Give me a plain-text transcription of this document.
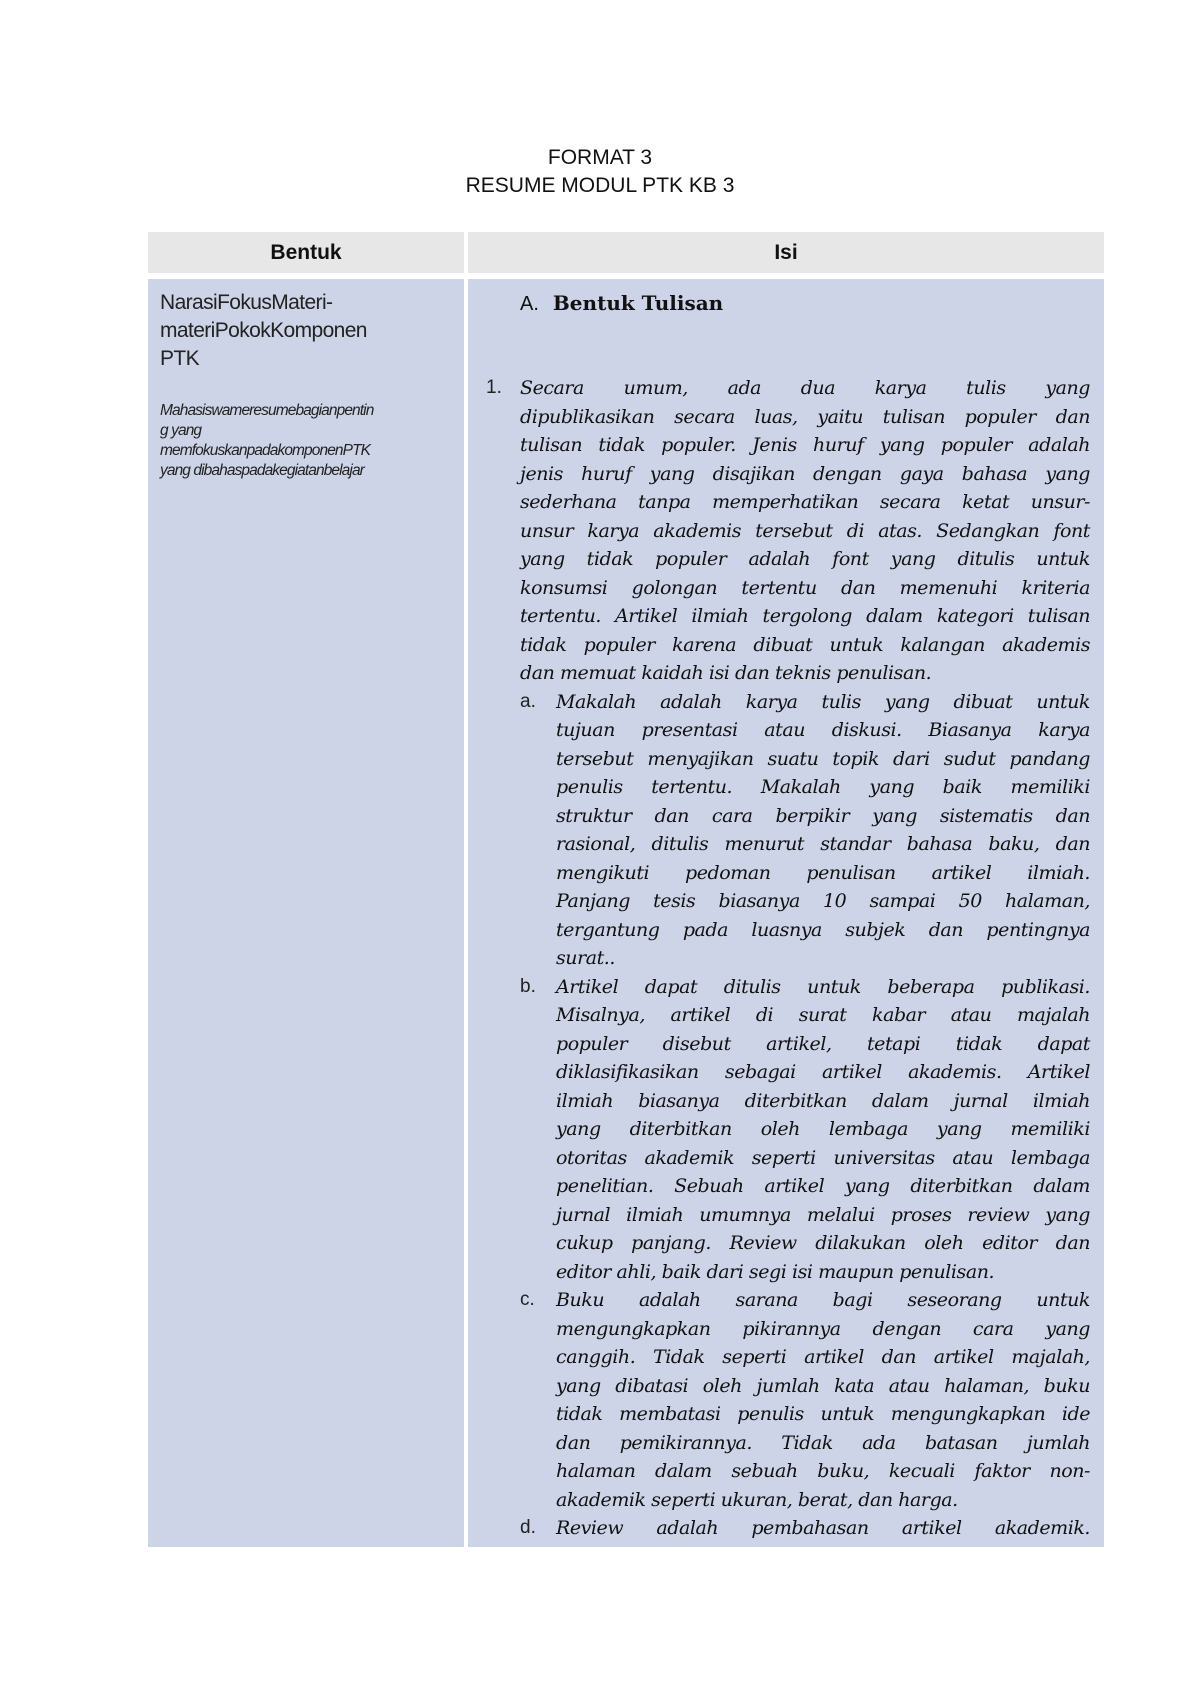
FORMAT 3
RESUME MODUL PTK KB 3
Bentuk	Isi
NarasiFokusMateri-
materiPokokKomponen
PTK
Mahasiswameresumebagianpentin
g yang
memfokuskanpadakomponenPTK
yang dibahaspadakegiatanbelajar
A. Bentuk Tulisan
1. Secara umum, ada dua karya tulis yang
dipublikasikan secara luas, yaitu tulisan populer dan
tulisan tidak populer. Jenis huruf yang populer adalah
jenis huruf yang disajikan dengan gaya bahasa yang
sederhana tanpa memperhatikan secara ketat unsur-
unsur karya akademis tersebut di atas. Sedangkan font
yang tidak populer adalah font yang ditulis untuk
konsumsi golongan tertentu dan memenuhi kriteria
tertentu. Artikel ilmiah tergolong dalam kategori tulisan
tidak populer karena dibuat untuk kalangan akademis
dan memuat kaidah isi dan teknis penulisan.
a. Makalah adalah karya tulis yang dibuat untuk
tujuan presentasi atau diskusi. Biasanya karya
tersebut menyajikan suatu topik dari sudut pandang
penulis tertentu. Makalah yang baik memiliki
struktur dan cara berpikir yang sistematis dan
rasional, ditulis menurut standar bahasa baku, dan
mengikuti pedoman penulisan artikel ilmiah.
Panjang tesis biasanya 10 sampai 50 halaman,
tergantung pada luasnya subjek dan pentingnya
surat..
b. Artikel dapat ditulis untuk beberapa publikasi.
Misalnya, artikel di surat kabar atau majalah
populer disebut artikel, tetapi tidak dapat
diklasifikasikan sebagai artikel akademis. Artikel
ilmiah biasanya diterbitkan dalam jurnal ilmiah
yang diterbitkan oleh lembaga yang memiliki
otoritas akademik seperti universitas atau lembaga
penelitian. Sebuah artikel yang diterbitkan dalam
jurnal ilmiah umumnya melalui proses review yang
cukup panjang. Review dilakukan oleh editor dan
editor ahli, baik dari segi isi maupun penulisan.
c. Buku adalah sarana bagi seseorang untuk
mengungkapkan pikirannya dengan cara yang
canggih. Tidak seperti artikel dan artikel majalah,
yang dibatasi oleh jumlah kata atau halaman, buku
tidak membatasi penulis untuk mengungkapkan ide
dan pemikirannya. Tidak ada batasan jumlah
halaman dalam sebuah buku, kecuali faktor non-
akademik seperti ukuran, berat, dan harga.
d. Review adalah pembahasan artikel akademik.
